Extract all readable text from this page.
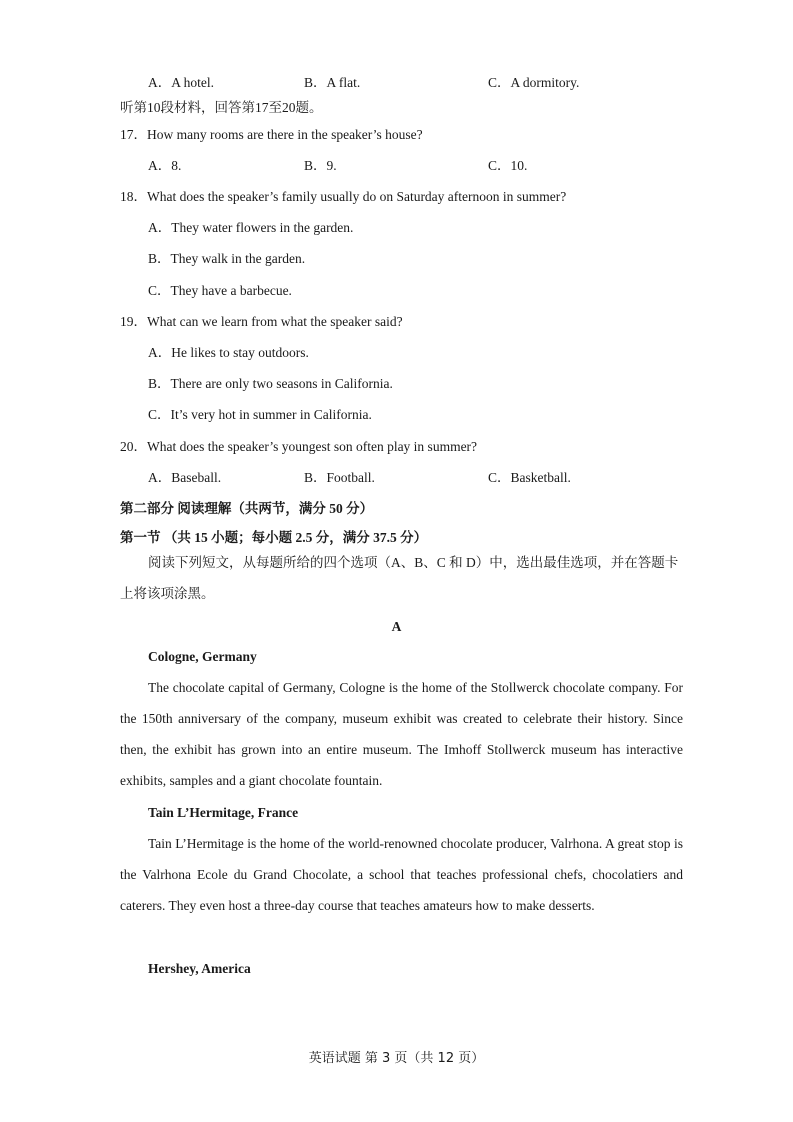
A．A hotel.	B．A flat.	C．A dormitory.
听第10段材料，回答第17至20题。
17．How many rooms are there in the speaker’s house?
A．8.	B．9.	C．10.
18．What does the speaker’s family usually do on Saturday afternoon in summer?
A．They water flowers in the garden.
B．They walk in the garden.
C．They have a barbecue.
19．What can we learn from what the speaker said?
A．He likes to stay outdoors.
B．There are only two seasons in California.
C．It’s very hot in summer in California.
20．What does the speaker’s youngest son often play in summer?
A．Baseball.	B．Football.	C．Basketball.
第二部分 阅读理解（共两节，满分 50 分）
第一节 （共 15 小题；每小题 2.5 分，满分 37.5 分）
阅读下列短文，从每题所给的四个选项（A、B、C 和 D）中，选出最佳选项，并在答题卡
上将该项涂黑。
A
Cologne, Germany
The chocolate capital of Germany, Cologne is the home of the Stollwerck chocolate company. For the 150th anniversary of the company, museum exhibit was created to celebrate their history. Since then, the exhibit has grown into an entire museum. The Imhoff Stollwerck museum has interactive exhibits, samples and a giant chocolate fountain.
Tain L’Hermitage, France
Tain L’Hermitage is the home of the world-renowned chocolate producer, Valrhona. A great stop is the Valrhona Ecole du Grand Chocolate, a school that teaches professional chefs, chocolatiers and caterers. They even host a three-day course that teaches amateurs how to make desserts.
Hershey, America
英语试题 第 3 页（共 12 页）
